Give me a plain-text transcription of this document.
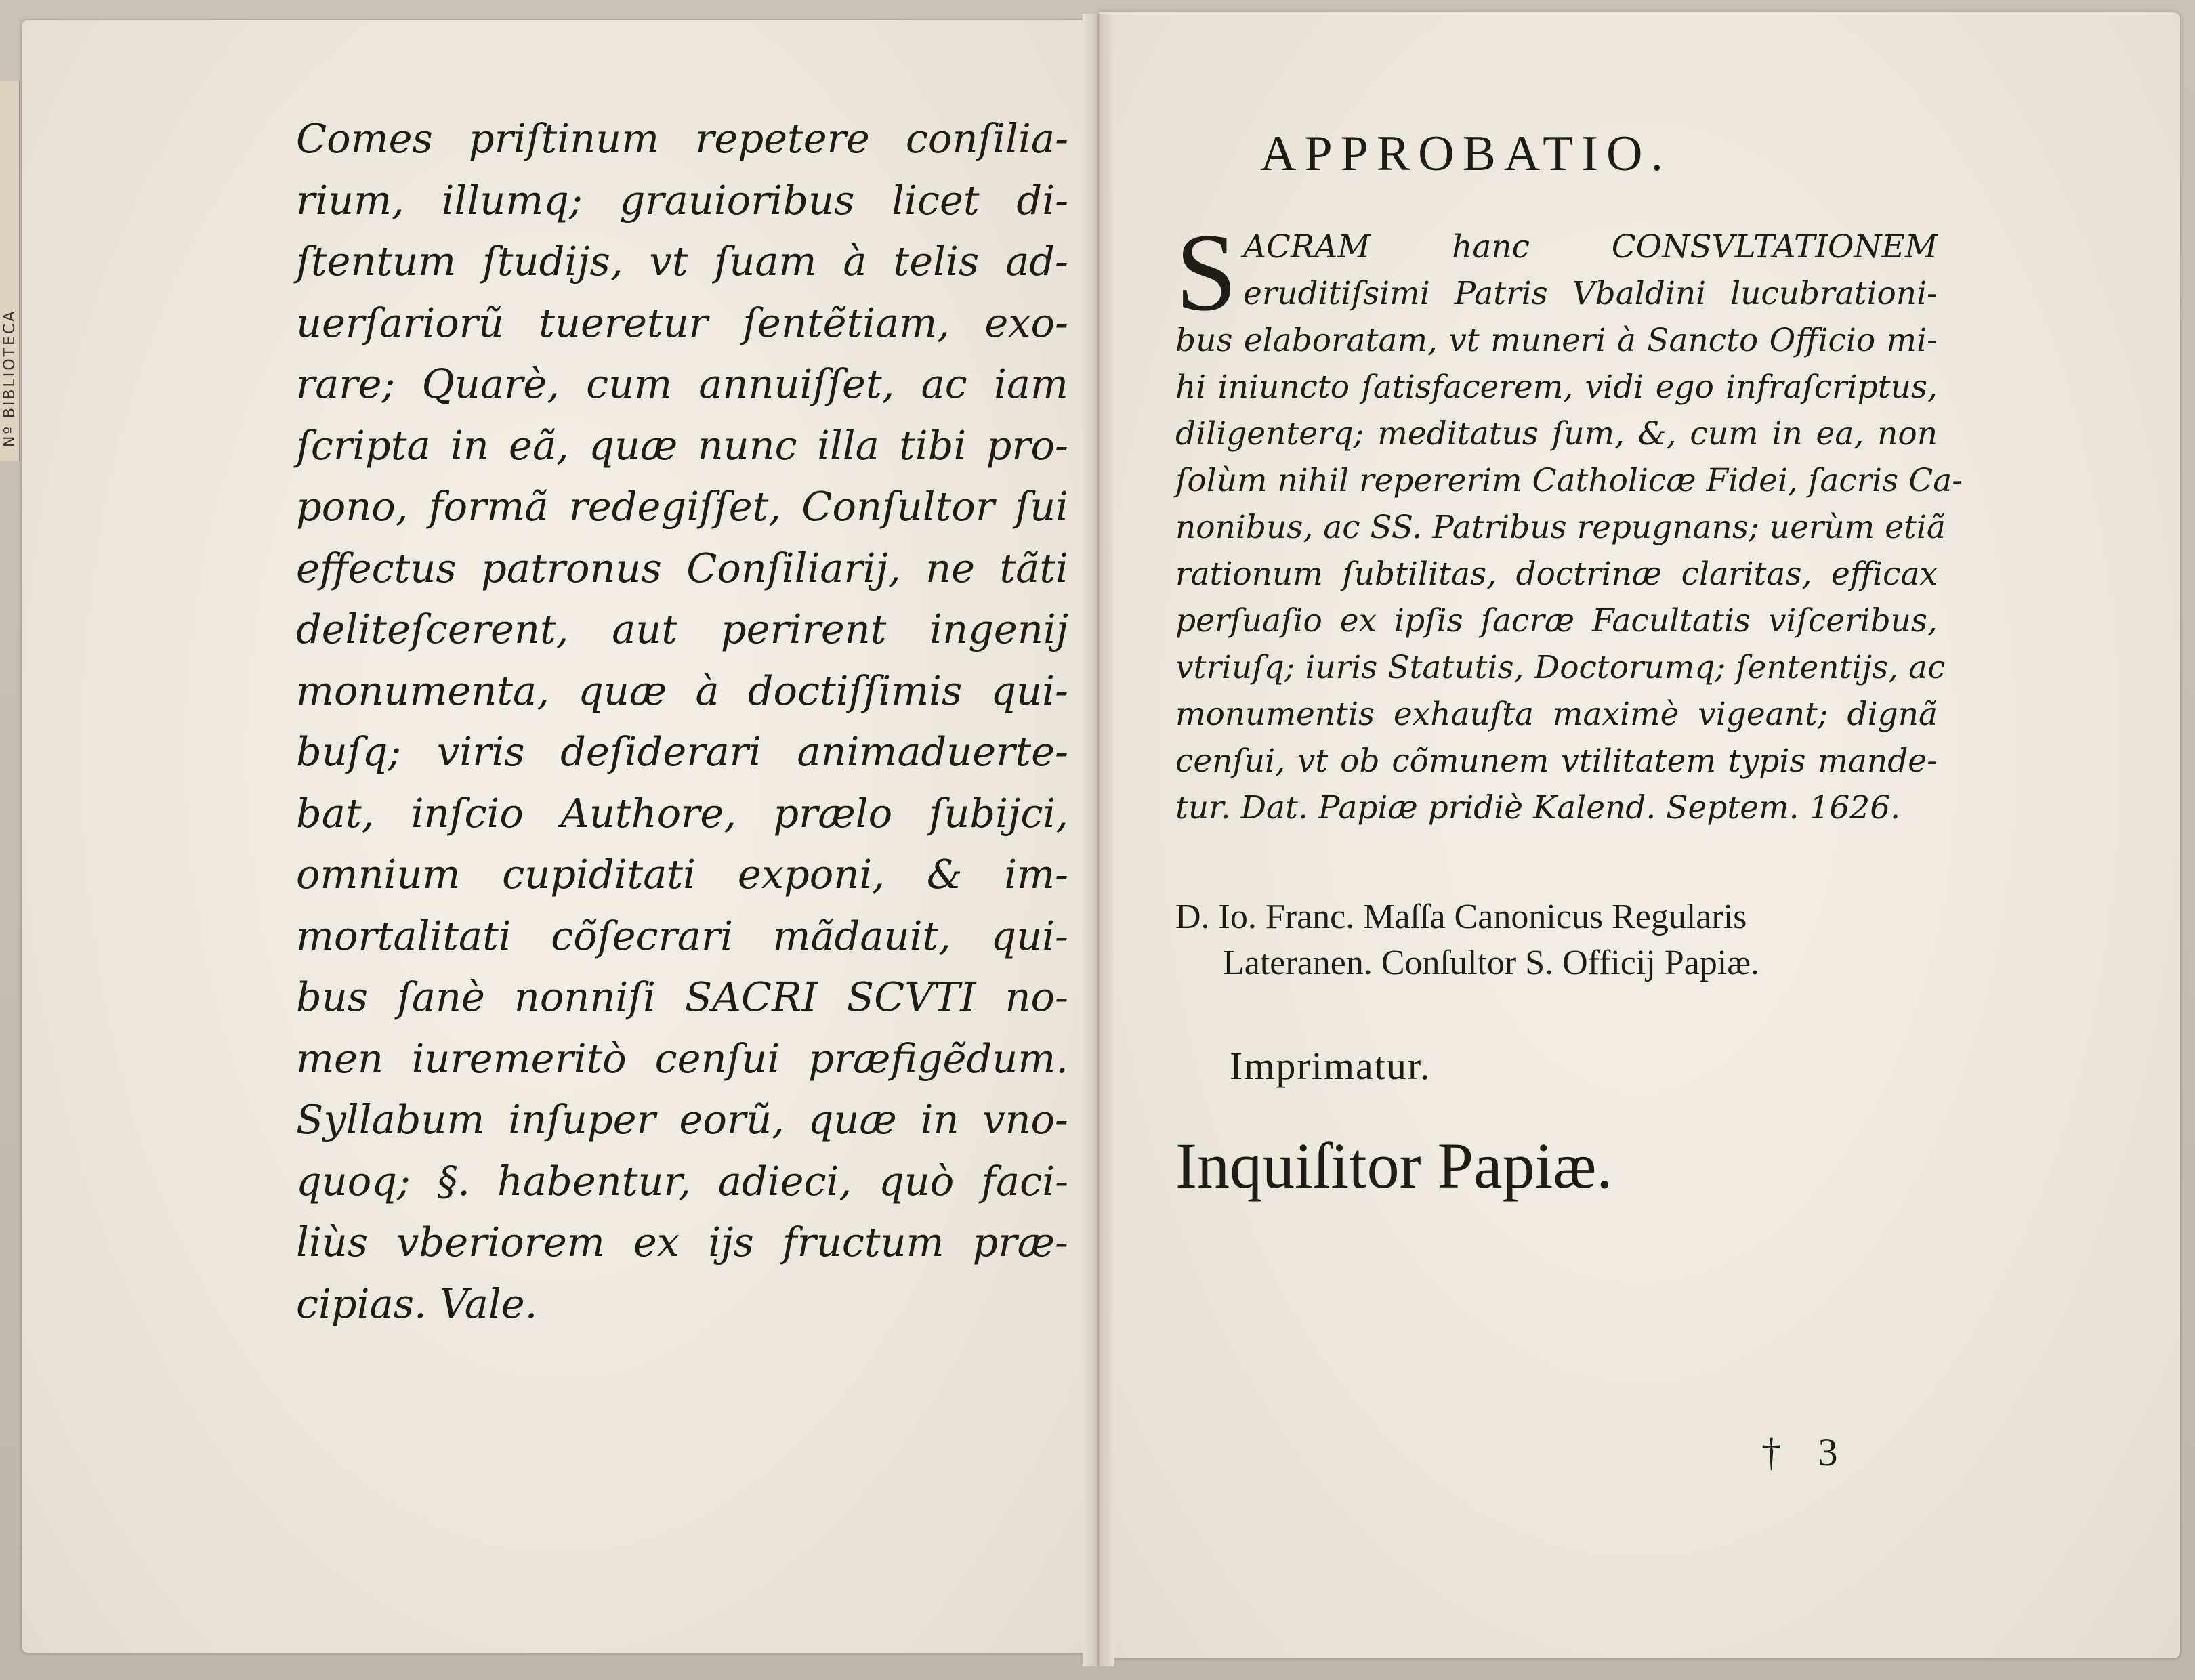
Nº BIBLIOTECA
Comes priſtinum repetere conſilia-
rium, illumq; grauioribus licet di-
ſtentum ſtudijs, vt ſuam à telis ad-
uerſariorũ tueretur ſentẽtiam, exo-
rare; Quarè, cum annuiſſet, ac iam
ſcripta in eã, quæ nunc illa tibi pro-
pono, formã redegiſſet, Conſultor ſui
effectus patronus Conſiliarij, ne tãti
deliteſcerent, aut perirent ingenij
monumenta, quæ à doctiſſimis qui-
buſq; viris deſiderari animaduerte-
bat, inſcio Authore, prælo ſubijci,
omnium cupiditati exponi, & im-
mortalitati cõſecrari mãdauit, qui-
bus ſanè nonniſi SACRI SCVTI no-
men iuremeritò cenſui præfigẽdum.
Syllabum inſuper eorũ, quæ in vno-
quoq; §. habentur, adieci, quò faci-
liùs vberiorem ex ijs fructum præ-
cipias. Vale.
APPROBATIO.
S ACRAM hanc CONSVLTATIONEM
eruditiſsimi Patris Vbaldini lucubrationi-
bus elaboratam, vt muneri à Sancto Officio mi-
hi iniuncto ſatisfacerem, vidi ego infraſcriptus,
diligenterq; meditatus ſum, &, cum in ea, non
ſolùm nihil repererim Catholicæ Fidei, ſacris Ca-
nonibus, ac SS. Patribus repugnans; uerùm etiã
rationum ſubtilitas, doctrinæ claritas, efficax
perſuaſio ex ipſis ſacræ Facultatis viſceribus,
vtriuſq; iuris Statutis, Doctorumq; ſententijs, ac
monumentis exhauſta maximè vigeant; dignã
cenſui, vt ob cõmunem vtilitatem typis mande-
tur. Dat. Papiæ pridiè Kalend. Septem. 1626.
D. Io. Franc. Maſſa Canonicus Regularis
Lateranen. Conſultor S. Officij Papiæ.
Imprimatur.
Inquiſitor Papiæ.
† 3
